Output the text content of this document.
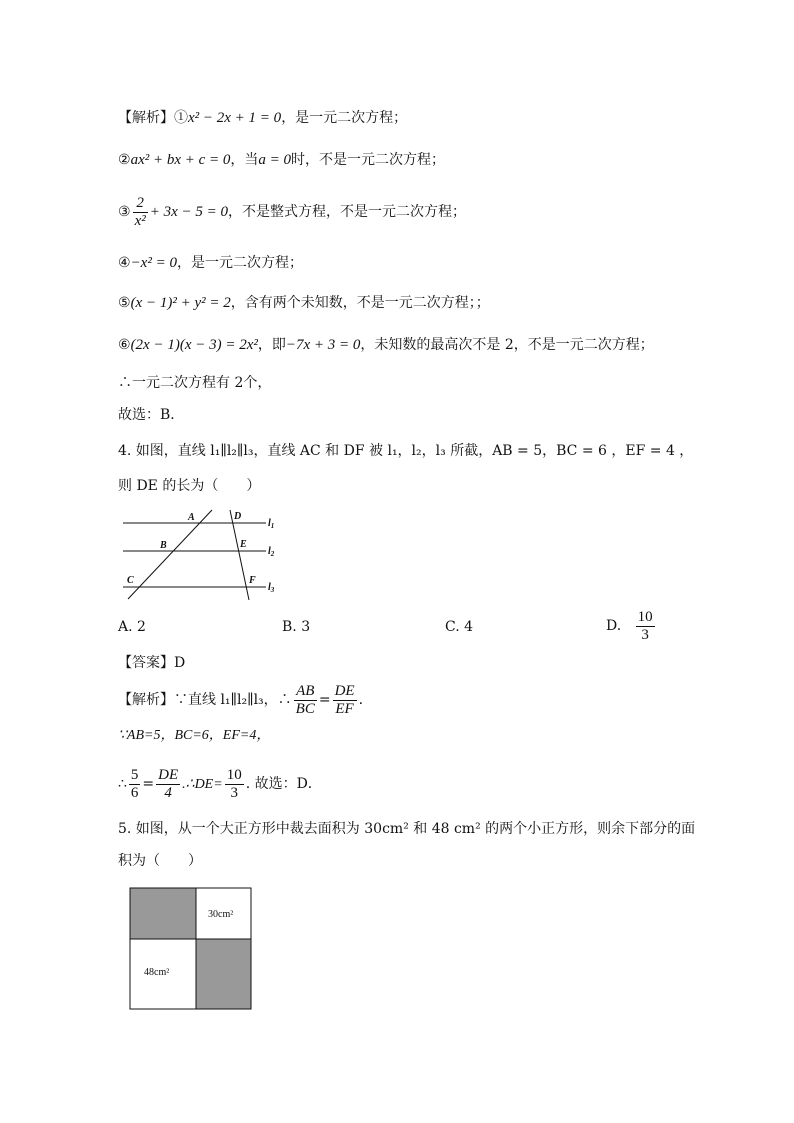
【解析】①x² − 2x + 1 = 0，是一元二次方程；
②ax² + bx + c = 0，当a = 0时，不是一元二次方程；
③ $\frac{2}{\text{x²}} + 3x - 5 = 0$，不是整式方程，不是一元二次方程；
④−x² = 0，是一元二次方程；
⑤(x − 1)² + y² = 2，含有两个未知数，不是一元二次方程；；
⑥(2x − 1)(x − 3) = 2x²，即−7x + 3 = 0，未知数的最高次不是 2，不是一元二次方程；
∴一元二次方程有 2个，
故选：B．
4. 如图，直线 l₁∥l₂∥l₃，直线 AC 和 DF 被 l₁，l₂，l₃ 所截，AB = 5，BC = 6 ，EF = 4 ，
则 DE 的长为（　　）
A
B
C
D
E
F
$l_1$
$l_2$
$l_3$
A. 2	B. 3	C. 4	D. $\frac{10}{3}$
【答案】D
【解析】∵直线 l₁∥l₂∥l₃，∴ $\frac{AB}{BC} = \frac{DE}{EF}$ .
∵AB=5，BC=6，EF=4，
∴ $\frac{5}{6} = \frac{DE}{4}$ .∴DE= $\frac{10}{3}$ . 故选：D．
5. 如图，从一个大正方形中裁去面积为 30cm² 和 48 cm² 的两个小正方形，则余下部分的面
积为（　　）
30cm²
48cm²
